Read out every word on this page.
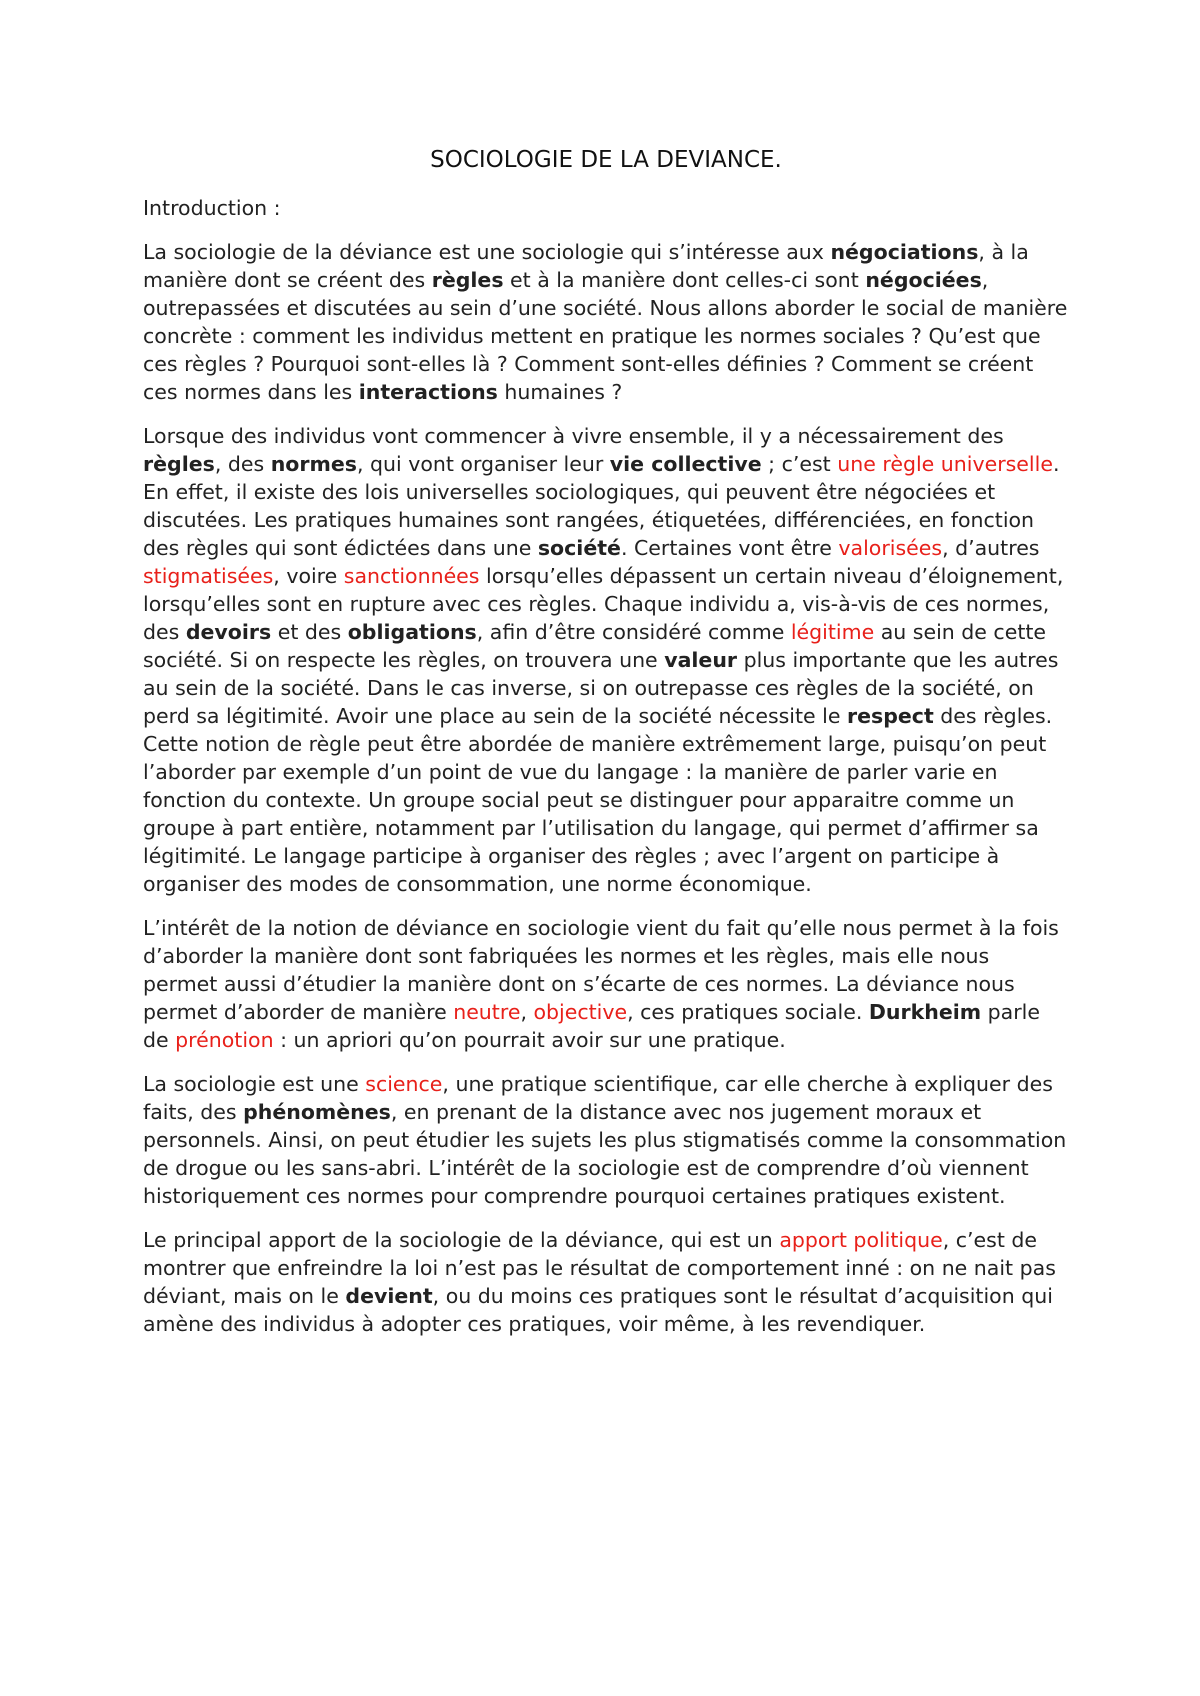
SOCIOLOGIE DE LA DEVIANCE.

Introduction :

La sociologie de la déviance est une sociologie qui s’intéresse aux négociations, à la manière dont se créent des règles et à la manière dont celles-ci sont négociées, outrepassées et discutées au sein d’une société. Nous allons aborder le social de manière concrète : comment les individus mettent en pratique les normes sociales ? Qu’est que ces règles ? Pourquoi sont-elles là ? Comment sont-elles définies ? Comment se créent ces normes dans les interactions humaines ?

Lorsque des individus vont commencer à vivre ensemble, il y a nécessairement des règles, des normes, qui vont organiser leur vie collective ; c’est une règle universelle. En effet, il existe des lois universelles sociologiques, qui peuvent être négociées et discutées. Les pratiques humaines sont rangées, étiquetées, différenciées, en fonction des règles qui sont édictées dans une société. Certaines vont être valorisées, d’autres stigmatisées, voire sanctionnées lorsqu’elles dépassent un certain niveau d’éloignement, lorsqu’elles sont en rupture avec ces règles. Chaque individu a, vis-à-vis de ces normes, des devoirs et des obligations, afin d’être considéré comme légitime au sein de cette société. Si on respecte les règles, on trouvera une valeur plus importante que les autres au sein de la société. Dans le cas inverse, si on outrepasse ces règles de la société, on perd sa légitimité. Avoir une place au sein de la société nécessite le respect des règles. Cette notion de règle peut être abordée de manière extrêmement large, puisqu’on peut l’aborder par exemple d’un point de vue du langage : la manière de parler varie en fonction du contexte. Un groupe social peut se distinguer pour apparaitre comme un groupe à part entière, notamment par l’utilisation du langage, qui permet d’affirmer sa légitimité. Le langage participe à organiser des règles ; avec l’argent on participe à organiser des modes de consommation, une norme économique.

L’intérêt de la notion de déviance en sociologie vient du fait qu’elle nous permet à la fois d’aborder la manière dont sont fabriquées les normes et les règles, mais elle nous permet aussi d’étudier la manière dont on s’écarte de ces normes. La déviance nous permet d’aborder de manière neutre, objective, ces pratiques sociale. Durkheim parle de prénotion : un apriori qu’on pourrait avoir sur une pratique.

La sociologie est une science, une pratique scientifique, car elle cherche à expliquer des faits, des phénomènes, en prenant de la distance avec nos jugement moraux et personnels. Ainsi, on peut étudier les sujets les plus stigmatisés comme la consommation de drogue ou les sans-abri. L’intérêt de la sociologie est de comprendre d’où viennent historiquement ces normes pour comprendre pourquoi certaines pratiques existent.

Le principal apport de la sociologie de la déviance, qui est un apport politique, c’est de montrer que enfreindre la loi n’est pas le résultat de comportement inné : on ne nait pas déviant, mais on le devient, ou du moins ces pratiques sont le résultat d’acquisition qui amène des individus à adopter ces pratiques, voir même, à les revendiquer.
